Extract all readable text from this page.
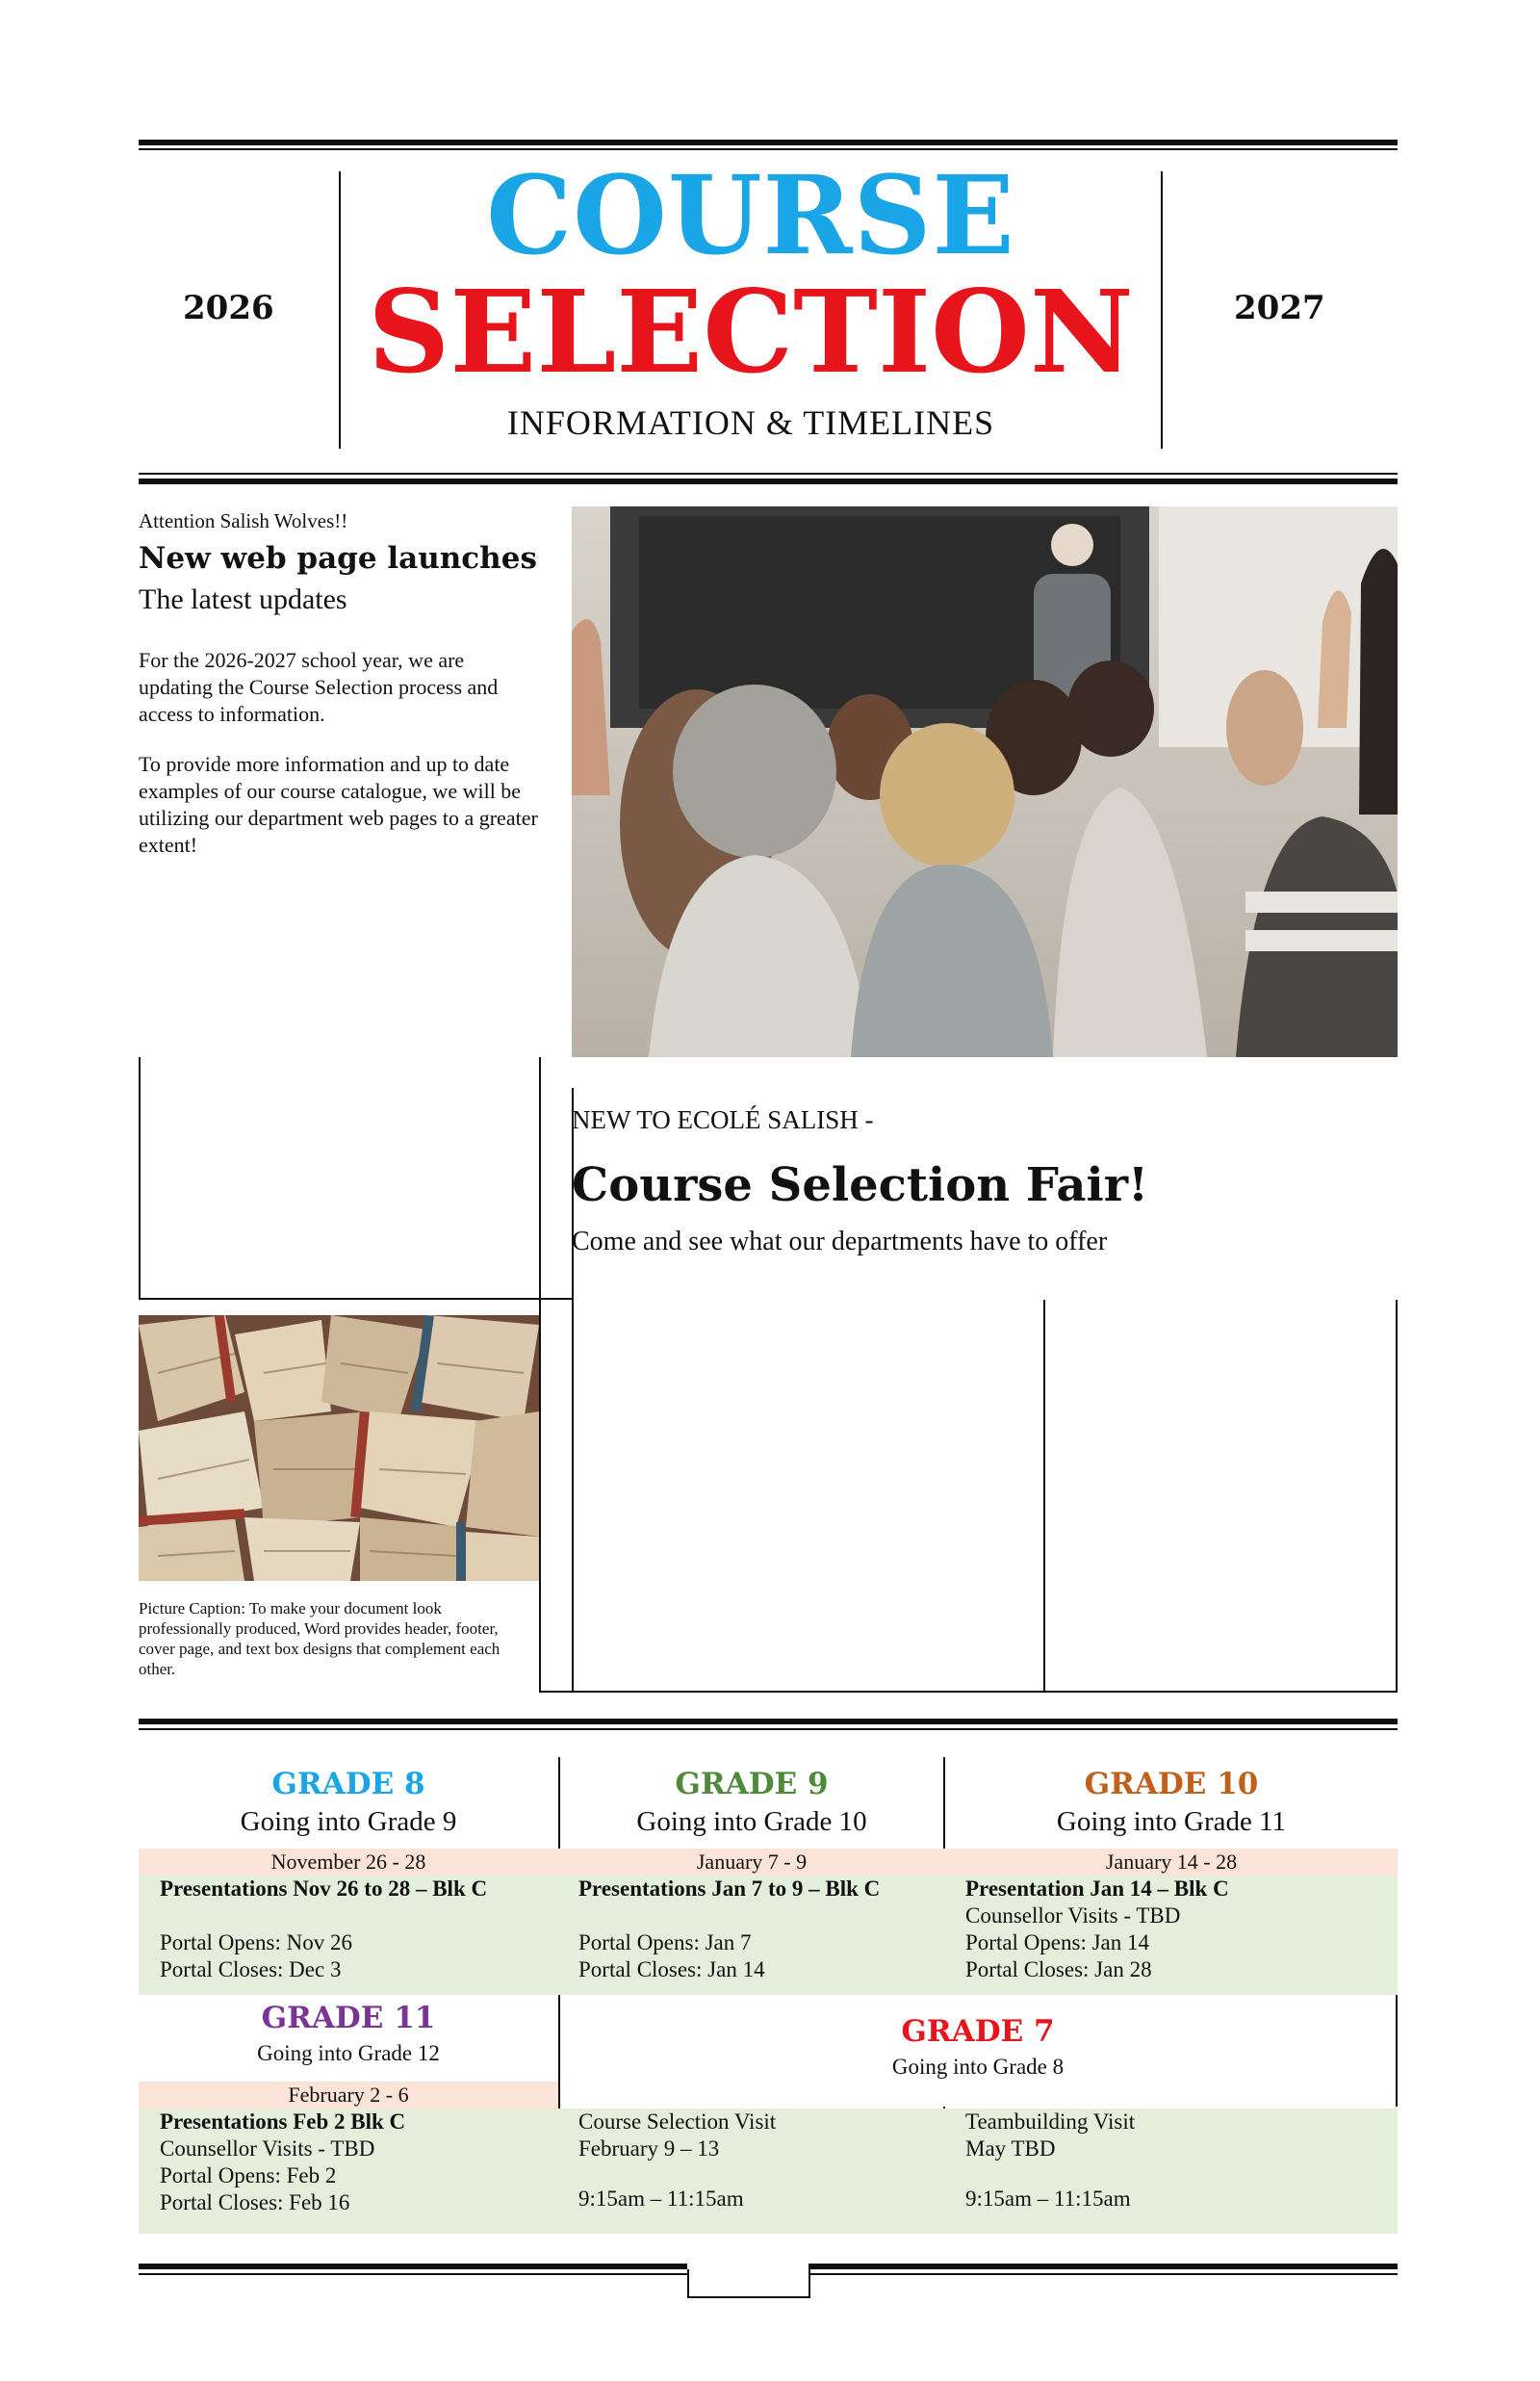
2026	2027
COURSE
SELECTION
INFORMATION & TIMELINES
Attention Salish Wolves!!
New web page launches
The latest updates
For the 2026-2027 school year, we are updating the Course Selection process and access to information.
To provide more information and up to date examples of our course catalogue, we will be utilizing our department web pages to a greater extent!
NEW TO ECOLÉ SALISH -
Course Selection Fair!
Come and see what our departments have to offer
Picture Caption: To make your document look professionally produced, Word provides header, footer, cover page, and text box designs that complement each other.
GRADE 8
Going into Grade 9
November 26 - 28
Presentations Nov 26 to 28 – Blk C
Portal Opens: Nov 26
Portal Closes: Dec 3
GRADE 9
Going into Grade 10
January 7 - 9
Presentations Jan 7 to 9 – Blk C
Portal Opens: Jan 7
Portal Closes: Jan 14
GRADE 10
Going into Grade 11
January 14 - 28
Presentation Jan 14 – Blk C
Counsellor Visits - TBD
Portal Opens: Jan 14
Portal Closes: Jan 28
GRADE 11
Going into Grade 12
February 2 - 6
Presentations Feb 2 Blk C
Counsellor Visits - TBD
Portal Opens: Feb 2
Portal Closes: Feb 16
GRADE 7
Going into Grade 8
Course Selection Visit
February 9 – 13
9:15am – 11:15am
Teambuilding Visit
May TBD
9:15am – 11:15am
